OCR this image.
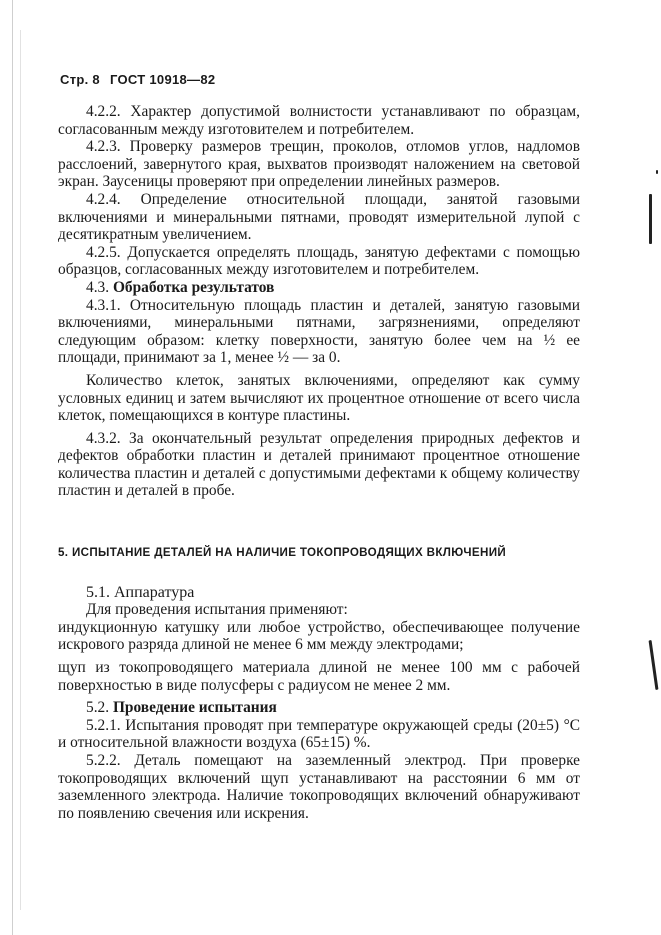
Стр. 8 ГОСТ 10918—82

4.2.2. Характер допустимой волнистости устанавливают по образцам, согласованным между изготовителем и потребителем.

4.2.3. Проверку размеров трещин, проколов, отломов углов, надломов расслоений, завернутого края, выхватов производят наложением на световой экран. Заусеницы проверяют при определении линейных размеров.

4.2.4. Определение относительной площади, занятой газовыми включениями и минеральными пятнами, проводят измерительной лупой с десятикратным увеличением.

4.2.5. Допускается определять площадь, занятую дефектами с помощью образцов, согласованных между изготовителем и потребителем.

4.3. Обработка результатов

4.3.1. Относительную площадь пластин и деталей, занятую газовыми включениями, минеральными пятнами, загрязнениями, определяют следующим образом: клетку поверхности, занятую более чем на ½ ее площади, принимают за 1, менее ½ — за 0.

Количество клеток, занятых включениями, определяют как сумму условных единиц и затем вычисляют их процентное отношение от всего числа клеток, помещающихся в контуре пластины.

4.3.2. За окончательный результат определения природных дефектов и дефектов обработки пластин и деталей принимают процентное отношение количества пластин и деталей с допустимыми дефектами к общему количеству пластин и деталей в пробе.

5. ИСПЫТАНИЕ ДЕТАЛЕЙ НА НАЛИЧИЕ ТОКОПРОВОДЯЩИХ ВКЛЮЧЕНИЙ

5.1. Аппаратура

Для проведения испытания применяют:

индукционную катушку или любое устройство, обеспечивающее получение искрового разряда длиной не менее 6 мм между электродами;

щуп из токопроводящего материала длиной не менее 100 мм с рабочей поверхностью в виде полусферы с радиусом не менее 2 мм.

5.2. Проведение испытания

5.2.1. Испытания проводят при температуре окружающей среды (20±5) °С и относительной влажности воздуха (65±15) %.

5.2.2. Деталь помещают на заземленный электрод. При проверке токопроводящих включений щуп устанавливают на расстоянии 6 мм от заземленного электрода. Наличие токопроводящих включений обнаруживают по появлению свечения или искрения.
